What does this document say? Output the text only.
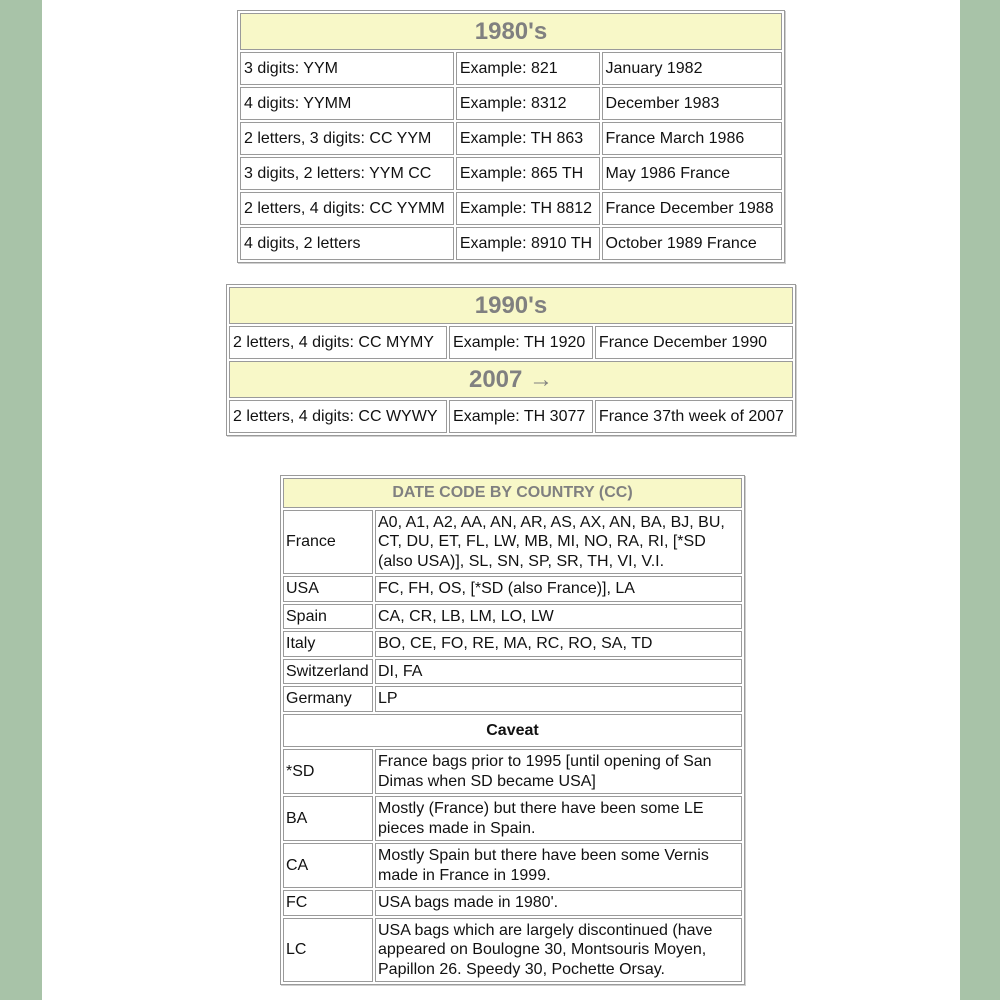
1980's		
3 digits: YYM	Example: 821	January 1982
4 digits: YYMM	Example: 8312	December 1983
2 letters, 3 digits: CC YYM	Example: TH 863	France March 1986
3 digits, 2 letters: YYM CC	Example: 865 TH	May 1986 France
2 letters, 4 digits: CC YYMM	Example: TH 8812	France December 1988
4 digits, 2 letters	Example: 8910 TH	October 1989 France
1990's		
2 letters, 4 digits: CC MYMY	Example: TH 1920	France December 1990
2007 →		
2 letters, 4 digits: CC WYWY	Example: TH 3077	France 37th week of 2007
DATE CODE BY COUNTRY (CC)	
France	A0, A1, A2, AA, AN, AR, AS, AX, AN, BA, BJ, BU, CT, DU, ET, FL, LW, MB, MI, NO, RA, RI, [*SD (also USA)], SL, SN, SP, SR, TH, VI, V.I.
USA	FC, FH, OS, [*SD (also France)], LA
Spain	CA, CR, LB, LM, LO, LW
Italy	BO, CE, FO, RE, MA, RC, RO, SA, TD
Switzerland	DI, FA
Germany	LP
Caveat	
*SD	France bags prior to 1995 [until opening of San Dimas when SD became USA]
BA	Mostly (France) but there have been some LE pieces made in Spain.
CA	Mostly Spain but there have been some Vernis made in France in 1999.
FC	USA bags made in 1980'.
LC	USA bags which are largely discontinued (have appeared on Boulogne 30, Montsouris Moyen, Papillon 26. Speedy 30, Pochette Orsay.
